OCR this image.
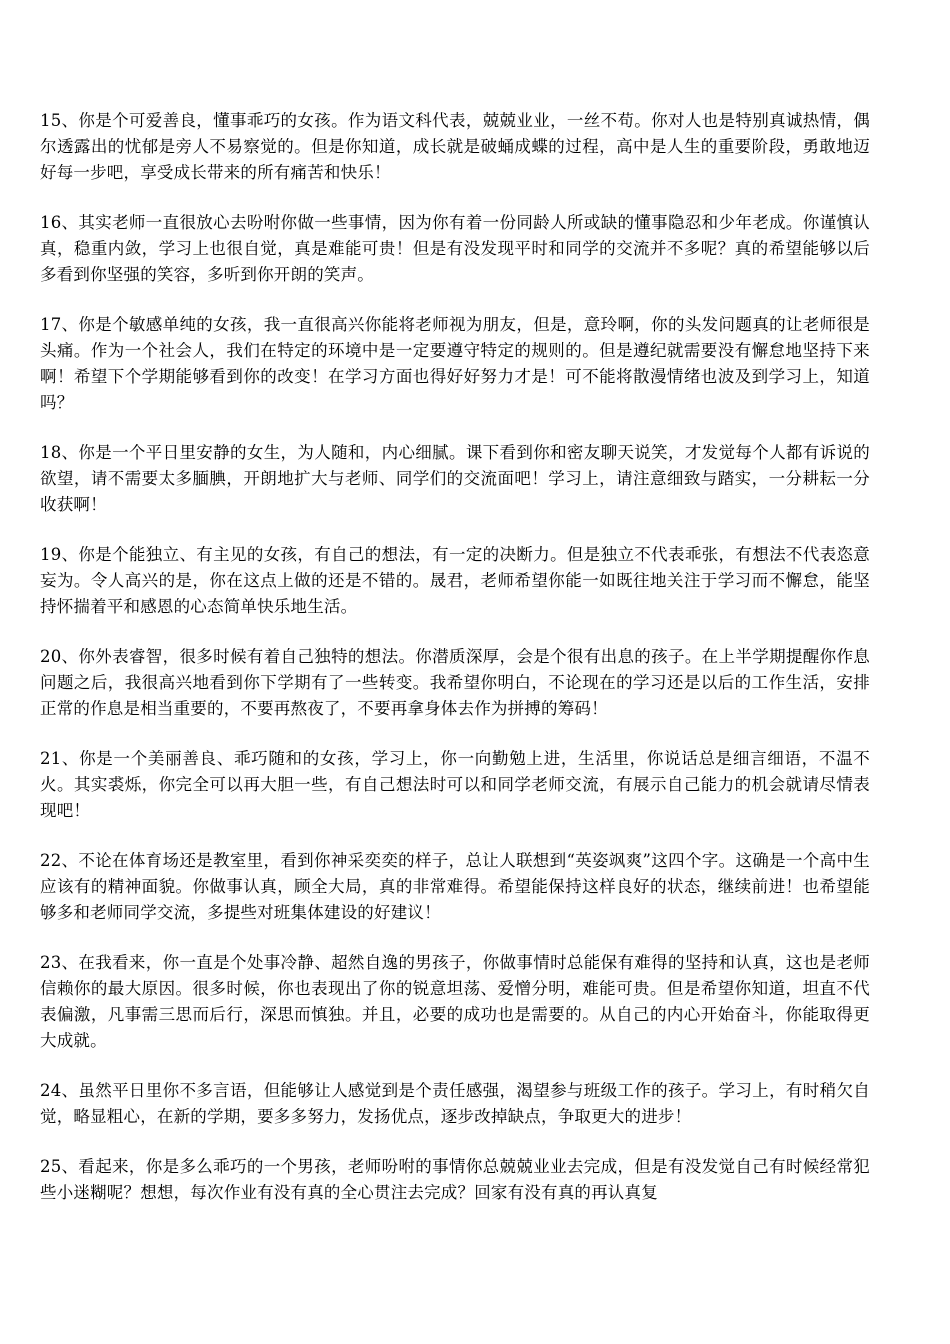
15、你是个可爱善良，懂事乖巧的女孩。作为语文科代表，兢兢业业，一丝不苟。你对人也是特别真诚热情，偶尔透露出的忧郁是旁人不易察觉的。但是你知道，成长就是破蛹成蝶的过程，高中是人生的重要阶段，勇敢地迈好每一步吧，享受成长带来的所有痛苦和快乐！

16、其实老师一直很放心去吩咐你做一些事情，因为你有着一份同龄人所或缺的懂事隐忍和少年老成。你谨慎认真，稳重内敛，学习上也很自觉，真是难能可贵！但是有没发现平时和同学的交流并不多呢？真的希望能够以后多看到你坚强的笑容，多听到你开朗的笑声。

17、你是个敏感单纯的女孩，我一直很高兴你能将老师视为朋友，但是，意玲啊，你的头发问题真的让老师很是头痛。作为一个社会人，我们在特定的环境中是一定要遵守特定的规则的。但是遵纪就需要没有懈怠地坚持下来啊！希望下个学期能够看到你的改变！在学习方面也得好好努力才是！可不能将散漫情绪也波及到学习上，知道吗？

18、你是一个平日里安静的女生，为人随和，内心细腻。课下看到你和密友聊天说笑，才发觉每个人都有诉说的欲望，请不需要太多腼腆，开朗地扩大与老师、同学们的交流面吧！学习上，请注意细致与踏实，一分耕耘一分收获啊！

19、你是个能独立、有主见的女孩，有自己的想法，有一定的决断力。但是独立不代表乖张，有想法不代表恣意妄为。令人高兴的是，你在这点上做的还是不错的。晟君，老师希望你能一如既往地关注于学习而不懈怠，能坚持怀揣着平和感恩的心态简单快乐地生活。

20、你外表睿智，很多时候有着自己独特的想法。你潜质深厚，会是个很有出息的孩子。在上半学期提醒你作息问题之后，我很高兴地看到你下学期有了一些转变。我希望你明白，不论现在的学习还是以后的工作生活，安排正常的作息是相当重要的，不要再熬夜了，不要再拿身体去作为拼搏的筹码！

21、你是一个美丽善良、乖巧随和的女孩，学习上，你一向勤勉上进，生活里，你说话总是细言细语，不温不火。其实裘烁，你完全可以再大胆一些，有自己想法时可以和同学老师交流，有展示自己能力的机会就请尽情表现吧！

22、不论在体育场还是教室里，看到你神采奕奕的样子，总让人联想到“英姿飒爽”这四个字。这确是一个高中生应该有的精神面貌。你做事认真，顾全大局，真的非常难得。希望能保持这样良好的状态，继续前进！也希望能够多和老师同学交流，多提些对班集体建设的好建议！

23、在我看来，你一直是个处事冷静、超然自逸的男孩子，你做事情时总能保有难得的坚持和认真，这也是老师信赖你的最大原因。很多时候，你也表现出了你的锐意坦荡、爱憎分明，难能可贵。但是希望你知道，坦直不代表偏激，凡事需三思而后行，深思而慎独。并且，必要的成功也是需要的。从自己的内心开始奋斗，你能取得更大成就。

24、虽然平日里你不多言语，但能够让人感觉到是个责任感强，渴望参与班级工作的孩子。学习上，有时稍欠自觉，略显粗心，在新的学期，要多多努力，发扬优点，逐步改掉缺点，争取更大的进步！

25、看起来，你是多么乖巧的一个男孩，老师吩咐的事情你总兢兢业业去完成，但是有没发觉自己有时候经常犯些小迷糊呢？想想，每次作业有没有真的全心贯注去完成？回家有没有真的再认真复
